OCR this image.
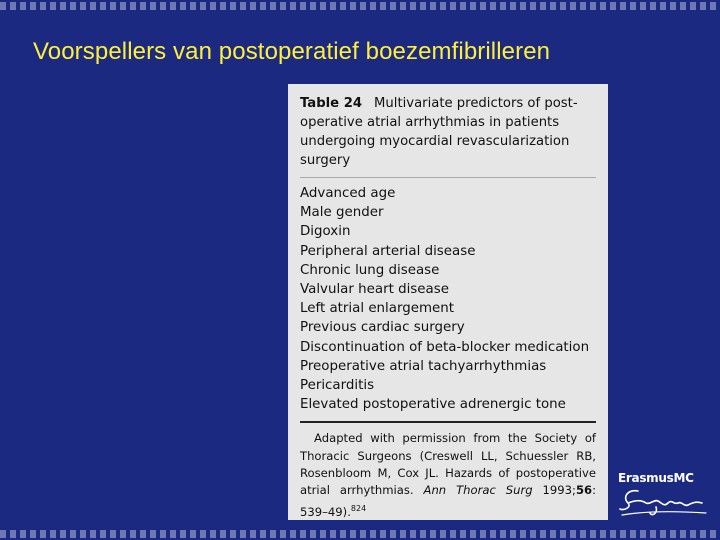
Voorspellers van postoperatief boezemfibrilleren

Table 24 Multivariate predictors of post-operative atrial arrhythmias in patients undergoing myocardial revascularization surgery

Advanced age
Male gender
Digoxin
Peripheral arterial disease
Chronic lung disease
Valvular heart disease
Left atrial enlargement
Previous cardiac surgery
Discontinuation of beta-blocker medication
Preoperative atrial tachyarrhythmias
Pericarditis
Elevated postoperative adrenergic tone

Adapted with permission from the Society of Thoracic Surgeons (Creswell LL, Schuessler RB, Rosenbloom M, Cox JL. Hazards of postoperative atrial arrhythmias. Ann Thorac Surg 1993;56: 539–49).$^{824}$

ErasmusMC
